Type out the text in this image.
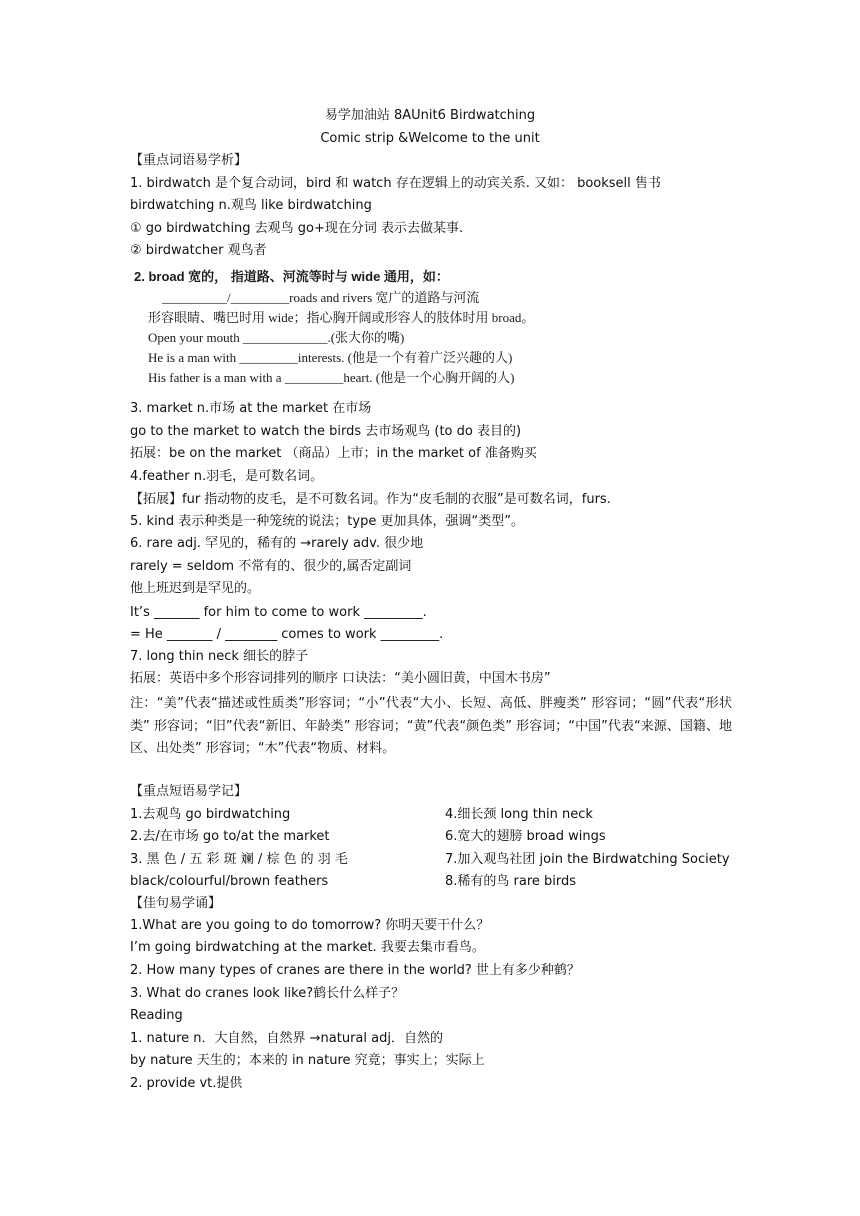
易学加油站 8AUnit6 Birdwatching
Comic strip &Welcome to the unit
【重点词语易学析】
1. birdwatch 是个复合动词，bird 和 watch 存在逻辑上的动宾关系. 又如： booksell 售书
birdwatching n.观鸟 like birdwatching
① go birdwatching 去观鸟 go+现在分词 表示去做某事.
② birdwatcher 观鸟者
2. broad 宽的， 指道路、河流等时与 wide 通用，如：
__________/_________roads and rivers 宽广的道路与河流
形容眼睛、嘴巴时用 wide；指心胸开阔或形容人的肢体时用 broad。
Open your mouth _____________.(张大你的嘴)
He is a man with _________interests. (他是一个有着广泛兴趣的人)
His father is a man with a _________heart. (他是一个心胸开阔的人)
3. market n.市场 at the market 在市场
go to the market to watch the birds 去市场观鸟 (to do 表目的)
拓展：be on the market （商品）上市；in the market of 准备购买
4.feather n.羽毛，是可数名词。
【拓展】fur 指动物的皮毛，是不可数名词。作为“皮毛制的衣服”是可数名词，furs.
5. kind 表示种类是一种笼统的说法；type 更加具体，强调“类型”。
6. rare adj. 罕见的，稀有的 →rarely adv. 很少地
rarely = seldom 不常有的、很少的,属否定副词
他上班迟到是罕见的。
It’s _______ for him to come to work _________.
= He _______ / ________ comes to work _________.
7. long thin neck 细长的脖子
拓展：英语中多个形容词排列的顺序 口诀法：“美小圆旧黄，中国木书房”
注：“美”代表“描述或性质类”形容词；“小”代表“大小、长短、高低、胖瘦类” 形容词；“圆”代表“形状类” 形容词；“旧”代表“新旧、年龄类” 形容词；“黄”代表“颜色类” 形容词；“中国”代表“来源、国籍、地区、出处类” 形容词；“木”代表“物质、材料。
【重点短语易学记】
1.去观鸟 go birdwatching
2.去/在市场 go to/at the market
3. 黑 色 / 五 彩 斑 斓 / 棕 色 的 羽 毛
black/colourful/brown feathers
4.细长颈 long thin neck
6.宽大的翅膀 broad wings
7.加入观鸟社团 join the Birdwatching Society
8.稀有的鸟 rare birds
【佳句易学诵】
1.What are you going to do tomorrow? 你明天要干什么？
I’m going birdwatching at the market. 我要去集市看鸟。
2. How many types of cranes are there in the world? 世上有多少种鹤？
3. What do cranes look like?鹤长什么样子？
Reading
1. nature n．大自然，自然界 →natural adj．自然的
by nature 天生的；本来的 in nature 究竟；事实上；实际上
2. provide vt.提供
